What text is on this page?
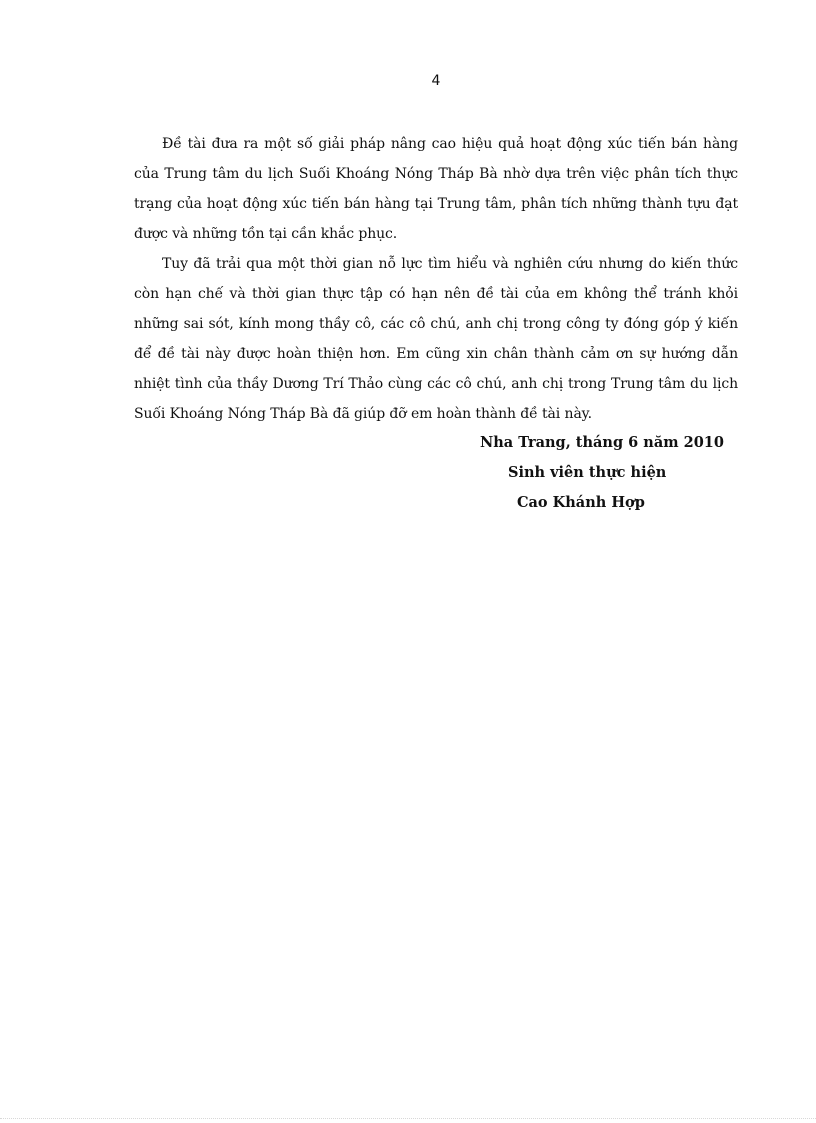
4

Đề tài đưa ra một số giải pháp nâng cao hiệu quả hoạt động xúc tiến bán hàng của Trung tâm du lịch Suối Khoáng Nóng Tháp Bà nhờ dựa trên việc phân tích thực trạng của hoạt động xúc tiến bán hàng tại Trung tâm, phân tích những thành tựu đạt được và những tồn tại cần khắc phục.

Tuy đã trải qua một thời gian nỗ lực tìm hiểu và nghiên cứu nhưng do kiến thức còn hạn chế và thời gian thực tập có hạn nên đề tài của em không thể tránh khỏi những sai sót, kính mong thầy cô, các cô chú, anh chị trong công ty đóng góp ý kiến để đề tài này được hoàn thiện hơn. Em cũng xin chân thành cảm ơn sự hướng dẫn nhiệt tình của thầy Dương Trí Thảo cùng các cô chú, anh chị trong Trung tâm du lịch Suối Khoáng Nóng Tháp Bà đã giúp đỡ em hoàn thành đề tài này.

Nha Trang, tháng 6 năm 2010
Sinh viên thực hiện
Cao Khánh Hợp
